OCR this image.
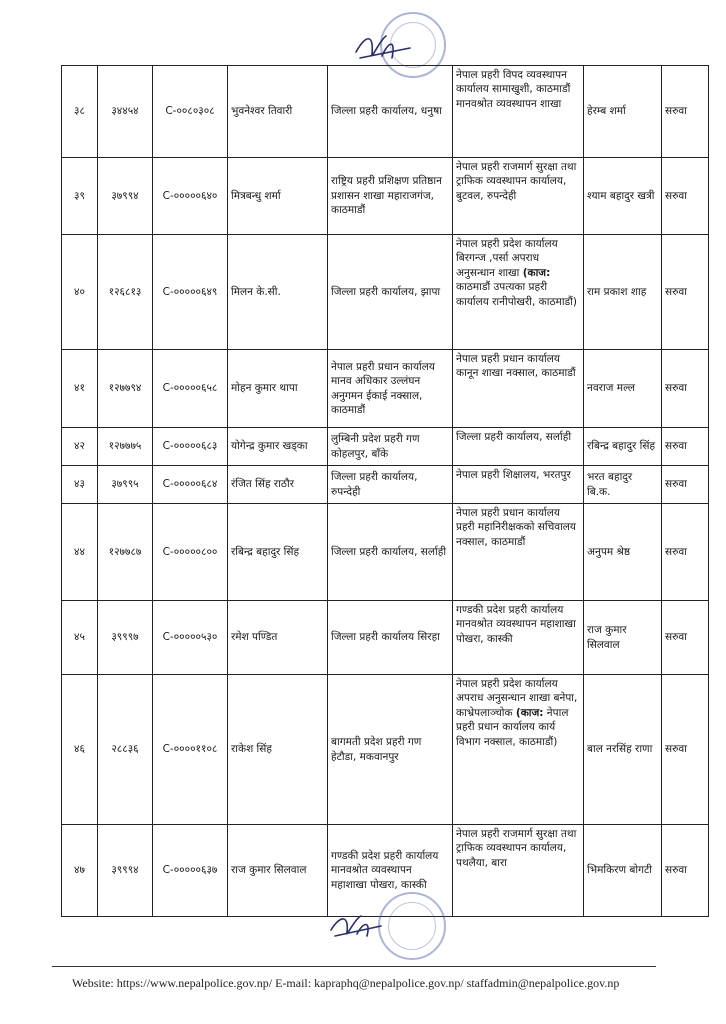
३८	३४४५४	C-००८०३०८	भुवनेश्वर तिवारी	जिल्ला प्रहरी कार्यालय, धनुषा	नेपाल प्रहरी विपद व्यवस्थापन कार्यालय सामाखुशी, काठमाडौं मानवश्रोत व्यवस्थापन शाखा	हेरम्ब शर्मा	सरुवा
३९	३७९९४	C-०००००६४०	मित्रबन्धु शर्मा	राष्ट्रिय प्रहरी प्रशिक्षण प्रतिष्ठान प्रशासन शाखा महाराजगंज, काठमाडौं	नेपाल प्रहरी राजमार्ग सुरक्षा तथा ट्राफिक व्यवस्थापन कार्यालय, बुटवल, रुपन्देही	श्याम बहादुर खत्री	सरुवा
४०	१२६८१३	C-०००००६४९	मिलन के.सी.	जिल्ला प्रहरी कार्यालय, झापा	नेपाल प्रहरी प्रदेश कार्यालय बिरगन्ज ,पर्सा अपराध अनुसन्धान शाखा (काज: काठमाडौं उपत्यका प्रहरी कार्यालय रानीपोखरी, काठमाडौं)	राम प्रकाश शाह	सरुवा
४१	१२७७९४	C-०००००६५८	मोहन कुमार थापा	नेपाल प्रहरी प्रधान कार्यालय मानव अधिकार उल्लंघन अनुगमन ईकाई नक्साल, काठमाडौं	नेपाल प्रहरी प्रधान कार्यालय कानून शाखा नक्साल, काठमाडौं	नवराज मल्ल	सरुवा
४२	१२७७७५	C-०००००६८३	योगेन्द्र कुमार खड्का	लुम्बिनी प्रदेश प्रहरी गण कोहलपुर, बाँके	जिल्ला प्रहरी कार्यालय, सर्लाही	रबिन्द्र बहादुर सिंह	सरुवा
४३	३७९९५	C-०००००६८४	रंजित सिंह राठौर	जिल्ला प्रहरी कार्यालय, रुपन्देही	नेपाल प्रहरी शिक्षालय, भरतपुर	भरत बहादुर बि.क.	सरुवा
४४	१२७७८७	C-०००००८००	रबिन्द्र बहादुर सिंह	जिल्ला प्रहरी कार्यालय, सर्लाही	नेपाल प्रहरी प्रधान कार्यालय प्रहरी महानिरीक्षकको सचिवालय नक्साल, काठमाडौं	अनुपम श्रेष्ठ	सरुवा
४५	३९९९७	C-०००००५३०	रमेश पण्डित	जिल्ला प्रहरी कार्यालय सिरहा	गण्डकी प्रदेश प्रहरी कार्यालय मानवश्रोत व्यवस्थापन महाशाखा पोखरा, कास्की	राज कुमार सिलवाल	सरुवा
४६	२८८३६	C-००००११०८	राकेश सिंह	बागमती प्रदेश प्रहरी गण हेटौडा, मकवानपुर	नेपाल प्रहरी प्रदेश कार्यालय अपराध अनुसन्धान शाखा बनेपा, काभ्रेपलाञ्चोक (काज: नेपाल प्रहरी प्रधान कार्यालय कार्य विभाग नक्साल, काठमाडौं)	बाल नरसिंह राणा	सरुवा
४७	३९९९४	C-०००००६३७	राज कुमार सिलवाल	गण्डकी प्रदेश प्रहरी कार्यालय मानवश्रोत व्यवस्थापन महाशाखा पोखरा, कास्की	नेपाल प्रहरी राजमार्ग सुरक्षा तथा ट्राफिक व्यवस्थापन कार्यालय, पथलैया, बारा	भिमकिरण बोगटी	सरुवा
Website: https://www.nepalpolice.gov.np/ E-mail: kapraphq@nepalpolice.gov.np/ staffadmin@nepalpolice.gov.np
